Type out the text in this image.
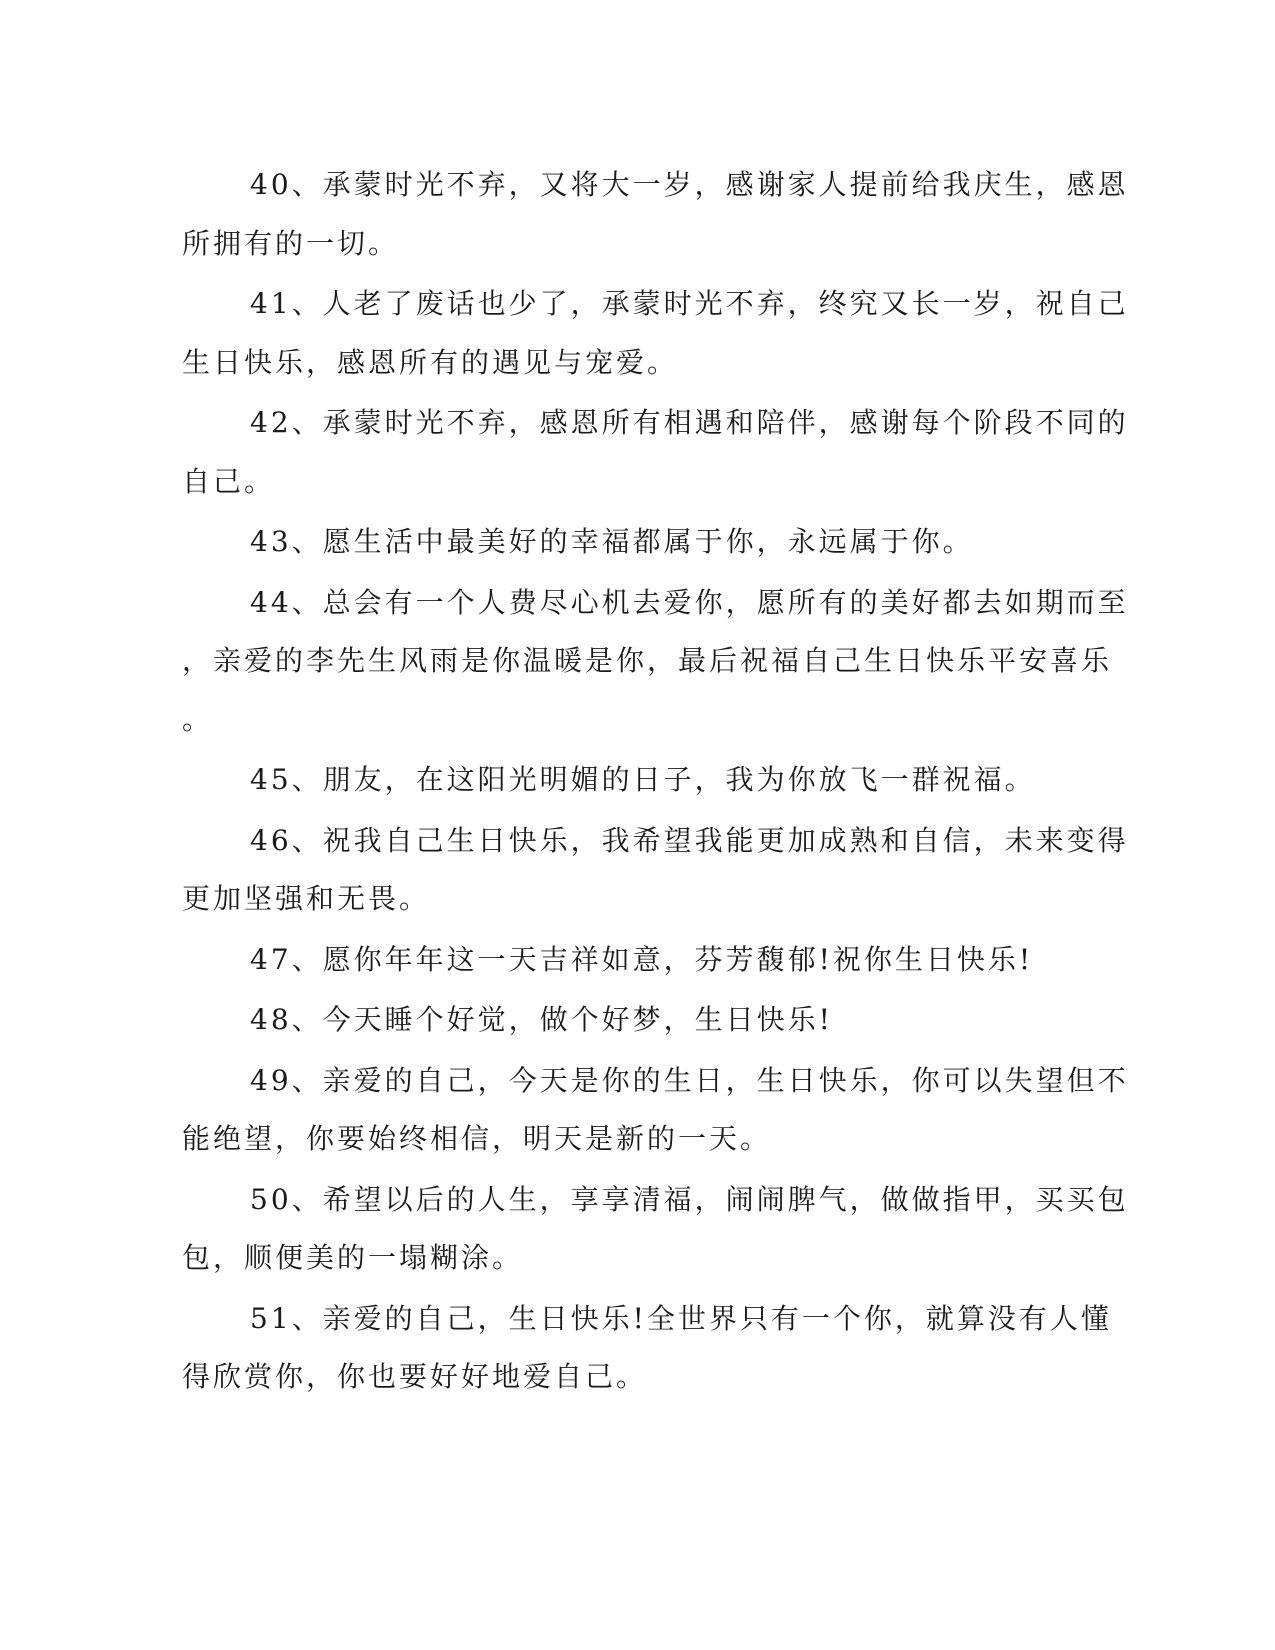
40、承蒙时光不弃，又将大一岁，感谢家人提前给我庆生，感恩
所拥有的一切。

41、人老了废话也少了，承蒙时光不弃，终究又长一岁，祝自己
生日快乐，感恩所有的遇见与宠爱。

42、承蒙时光不弃，感恩所有相遇和陪伴，感谢每个阶段不同的
自己。

43、愿生活中最美好的幸福都属于你，永远属于你。

44、总会有一个人费尽心机去爱你，愿所有的美好都去如期而至
，亲爱的李先生风雨是你温暖是你，最后祝福自己生日快乐平安喜乐
。

45、朋友，在这阳光明媚的日子，我为你放飞一群祝福。

46、祝我自己生日快乐，我希望我能更加成熟和自信，未来变得
更加坚强和无畏。

47、愿你年年这一天吉祥如意，芬芳馥郁!祝你生日快乐!

48、今天睡个好觉，做个好梦，生日快乐!

49、亲爱的自己，今天是你的生日，生日快乐，你可以失望但不
能绝望，你要始终相信，明天是新的一天。

50、希望以后的人生，享享清福，闹闹脾气，做做指甲，买买包
包，顺便美的一塌糊涂。

51、亲爱的自己，生日快乐!全世界只有一个你，就算没有人懂
得欣赏你，你也要好好地爱自己。
